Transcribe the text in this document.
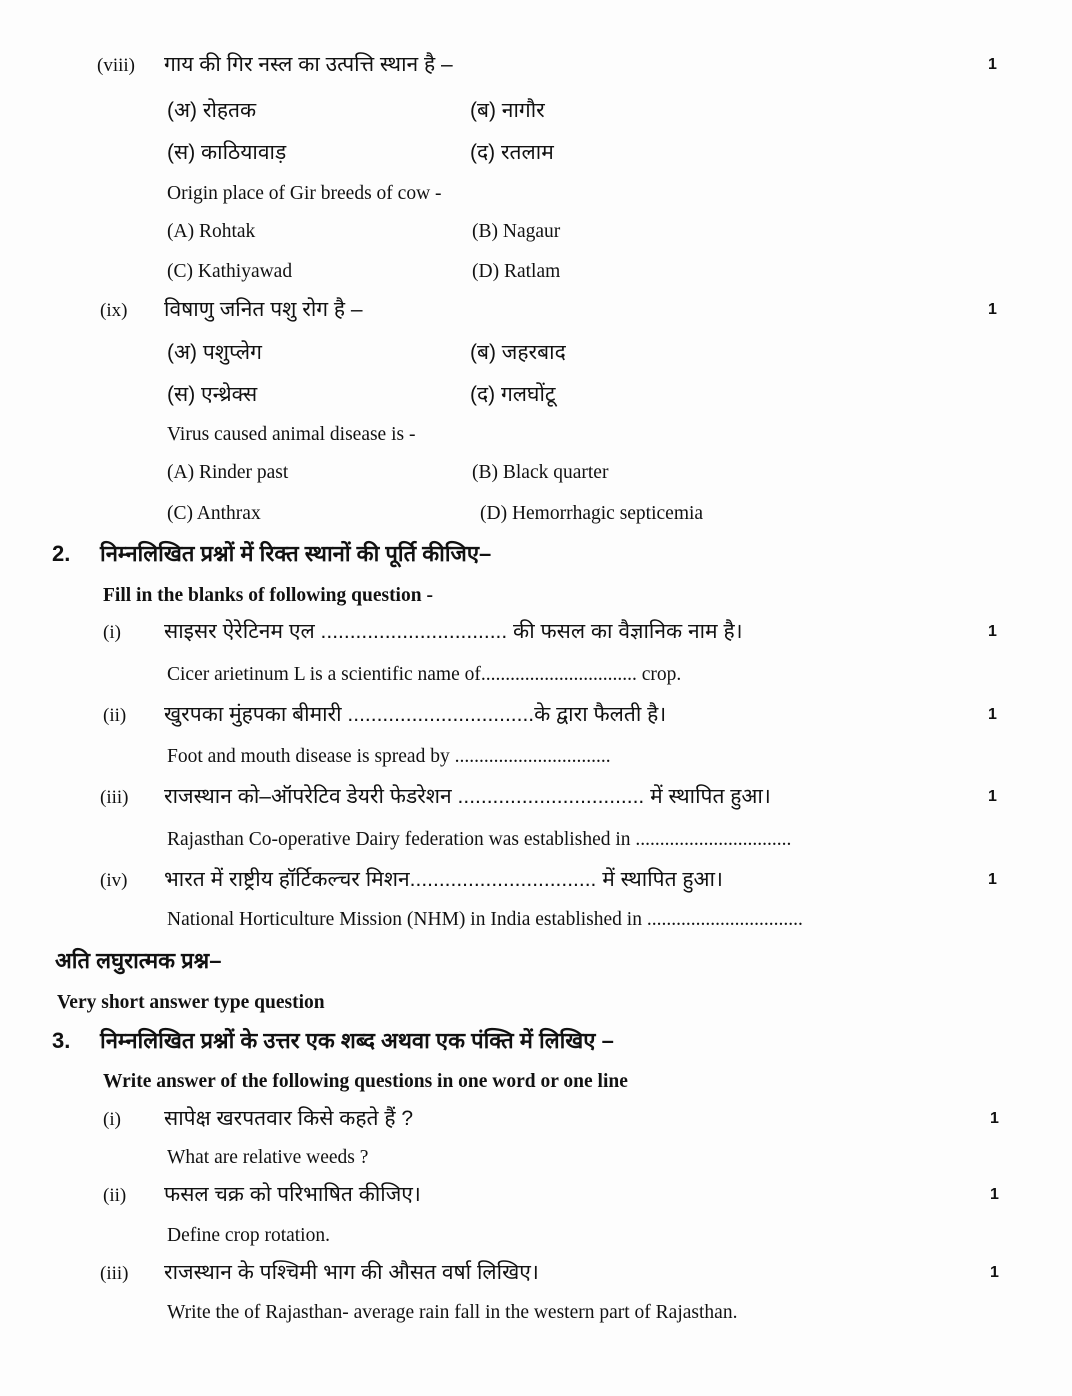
(viii) गाय की गिर नस्ल का उत्पत्ति स्थान है –	1
(अ) रोहतक	(ब) नागौर
(स) काठियावाड़	(द) रतलाम
Origin place of Gir breeds of cow -
(A) Rohtak	(B) Nagaur
(C) Kathiyawad	(D) Ratlam
(ix) विषाणु जनित पशु रोग है –	1
(अ) पशुप्लेग	(ब) जहरबाद
(स) एन्थ्रेक्स	(द) गलघोंटू
Virus caused animal disease is -
(A) Rinder past	(B) Black quarter
(C) Anthrax	(D) Hemorrhagic septicemia
2. निम्नलिखित प्रश्नों में रिक्त स्थानों की पूर्ति कीजिए–
Fill in the blanks of following question -
(i) साइसर ऐरेटिनम एल ................................ की फसल का वैज्ञानिक नाम है।	1
Cicer arietinum L is a scientific name of................................ crop.
(ii) खुरपका मुंहपका बीमारी ................................के द्वारा फैलती है।	1
Foot and mouth disease is spread by ................................
(iii) राजस्थान को–ऑपरेटिव डेयरी फेडरेशन ................................ में स्थापित हुआ।	1
Rajasthan Co-operative Dairy federation was established in ................................
(iv) भारत में राष्ट्रीय हॉर्टिकल्चर मिशन................................ में स्थापित हुआ।	1
National Horticulture Mission (NHM) in India established in ................................
अति लघुरात्मक प्रश्न–
Very short answer type question
3. निम्नलिखित प्रश्नों के उत्तर एक शब्द अथवा एक पंक्ति में लिखिए –
Write answer of the following questions in one word or one line
(i) सापेक्ष खरपतवार किसे कहते हैं ?	1
What are relative weeds ?
(ii) फसल चक्र को परिभाषित कीजिए।	1
Define crop rotation.
(iii) राजस्थान के पश्चिमी भाग की औसत वर्षा लिखिए।	1
Write the of Rajasthan- average rain fall in the western part of Rajasthan.
